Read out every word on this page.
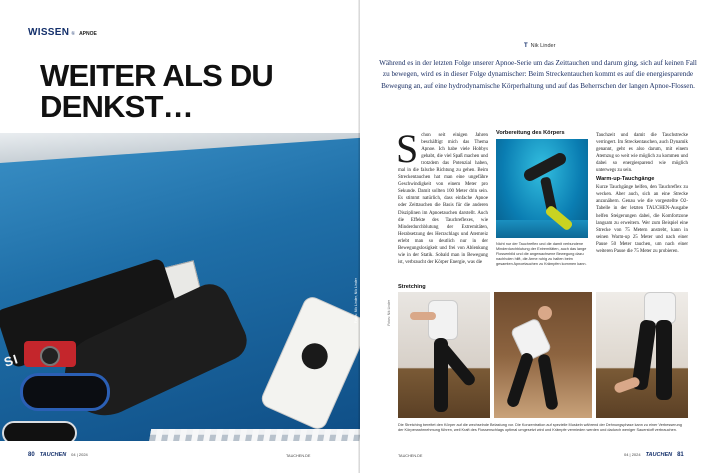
WISSEN ® APNOE
WEITER ALS DU DENKST…
SI
Fotos: Nik Linder, Nik Linder
80 TAUCHEN 04 | 2024	TAUCHEN.DE
T Nik Linder

Während es in der letzten Folge unserer Apnoe-Serie um das Zeittauchen und darum ging, sich auf keinen Fall zu bewegen, wird es in dieser Folge dynamischer: Beim Streckentauchen kommt es auf die energiesparende Bewegung an, auf eine hydrodynamische Körperhaltung und auf das Beherrschen der langen Apnoe-Flossen.

S chon seit einigen Jahren beschäftigt mich das Thema Apnoe. Ich habe viele Hobbys gehabt, die viel Spaß machen und trotzdem das Potenzial haben, mal in die falsche Richtung zu gehen. Beim Streckentauchen hat man eine ungefähre Geschwindigkeit von einem Meter pro Sekunde. Damit sollten 100 Meter drin sein. Es stimmt natürlich, dass einfache Apnoe oder Zeittauchen die Basis für die anderen Disziplinen im Apnoetauchen darstellt. Auch die Effekte des Tauchreflexes, wie Minderdurchblutung der Extremitäten, Herabsetzung des Herzschlags und Atemreiz erlebt man so deutlich nur in der Bewegungslosigkeit und frei von Ablenkung wie in der Statik. Sobald man in Bewegung ist, verbraucht der Körper Energie, was die
Vorbereitung des Körpers

Nicht nur der Tauchreflex und die damit verbundene Minderdurchblutung der Extremitäten, auch das lange Flossenbild und die angewachsene Bewegung dazu nachholen hilft, die Arme ruhig zu halten beim gesamten Apnoetauchen zu Krämpfen kommen kann.

Tauchzeit und damit die Tauchstrecke verringert. Im Streckentauchen, auch Dynamik genannt, geht es also darum, mit einem Atemzug so weit wie möglich zu kommen und dabei so energiesparend wie möglich unterwegs zu sein.

Warm-up-Tauchgänge

Kurze Tauchgänge helfen, den Tauchreflex zu wecken. Aber auch, sich an eine Strecke anzunähern. Genau wie die vorgestellte O2-Tabelle in der letzten TAUCHEN-Ausgabe helfen Steigerungen dabei, die Komfortzone langsam zu erweitern. Wer zum Beispiel eine Strecke von 75 Metern anstrebt, kann in seinen Warm-up 25 Meter und nach einer Pause 50 Meter tauchen, um nach einer weiteren Pause die 75 Meter zu probieren.

Stretching
Fotos: Nik Linder

Die Stretching bereitet den Körper auf die wechselnde Belastung vor. Die Konzentration auf spezielle Muskeln während der Dehnungsphase kann zu einer Verbesserung der Körperwahrnehmung führen, weil Kraft des Flossenschlags optimal umgesetzt wird und Krämpfe vermieden werden und dadurch weniger Sauerstoff verbrauchen.

TAUCHEN.DE	04 | 2024 TAUCHEN 81
